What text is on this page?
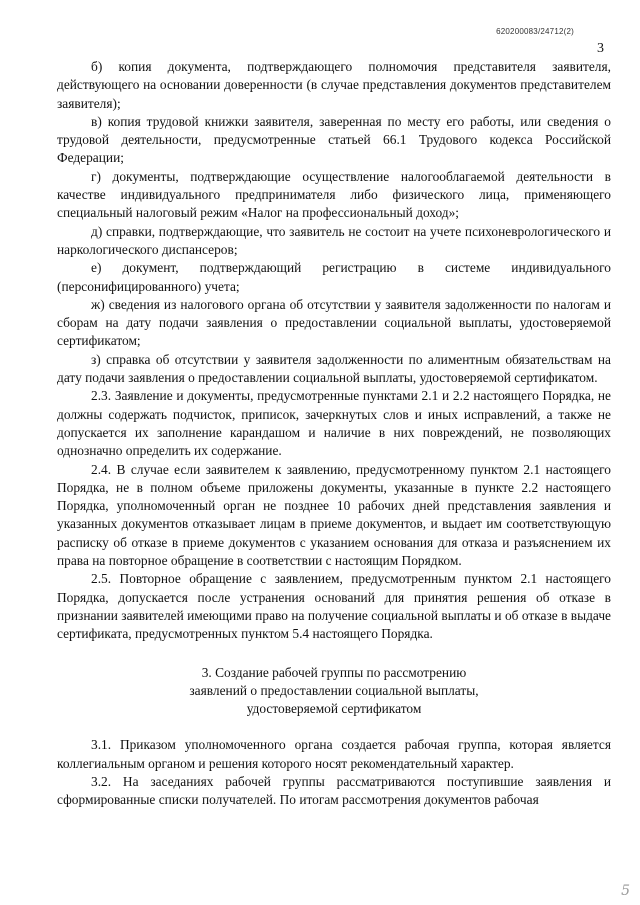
620200083/24712(2)
3

б) копия документа, подтверждающего полномочия представителя заявителя, действующего на основании доверенности (в случае представления документов представителем заявителя);

в) копия трудовой книжки заявителя, заверенная по месту его работы, или сведения о трудовой деятельности, предусмотренные статьей 66.1 Трудового кодекса Российской Федерации;

г) документы, подтверждающие осуществление налогооблагаемой деятельности в качестве индивидуального предпринимателя либо физического лица, применяющего специальный налоговый режим «Налог на профессиональный доход»;

д) справки, подтверждающие, что заявитель не состоит на учете психоневрологического и наркологического диспансеров;

е) документ, подтверждающий регистрацию в системе индивидуального (персонифицированного) учета;

ж) сведения из налогового органа об отсутствии у заявителя задолженности по налогам и сборам на дату подачи заявления о предоставлении социальной выплаты, удостоверяемой сертификатом;

з) справка об отсутствии у заявителя задолженности по алиментным обязательствам на дату подачи заявления о предоставлении социальной выплаты, удостоверяемой сертификатом.

2.3. Заявление и документы, предусмотренные пунктами 2.1 и 2.2 настоящего Порядка, не должны содержать подчисток, приписок, зачеркнутых слов и иных исправлений, а также не допускается их заполнение карандашом и наличие в них повреждений, не позволяющих однозначно определить их содержание.

2.4. В случае если заявителем к заявлению, предусмотренному пунктом 2.1 настоящего Порядка, не в полном объеме приложены документы, указанные в пункте 2.2 настоящего Порядка, уполномоченный орган не позднее 10 рабочих дней представления заявления и указанных документов отказывает лицам в приеме документов, и выдает им соответствующую расписку об отказе в приеме документов с указанием основания для отказа и разъяснением их права на повторное обращение в соответствии с настоящим Порядком.

2.5. Повторное обращение с заявлением, предусмотренным пунктом 2.1 настоящего Порядка, допускается после устранения оснований для принятия решения об отказе в признании заявителей имеющими право на получение социальной выплаты и об отказе в выдаче сертификата, предусмотренных пунктом 5.4 настоящего Порядка.

3. Создание рабочей группы по рассмотрению
заявлений о предоставлении социальной выплаты,
удостоверяемой сертификатом

3.1. Приказом уполномоченного органа создается рабочая группа, которая является коллегиальным органом и решения которого носят рекомендательный характер.

3.2. На заседаниях рабочей группы рассматриваются поступившие заявления и сформированные списки получателей. По итогам рассмотрения документов рабочая

5
